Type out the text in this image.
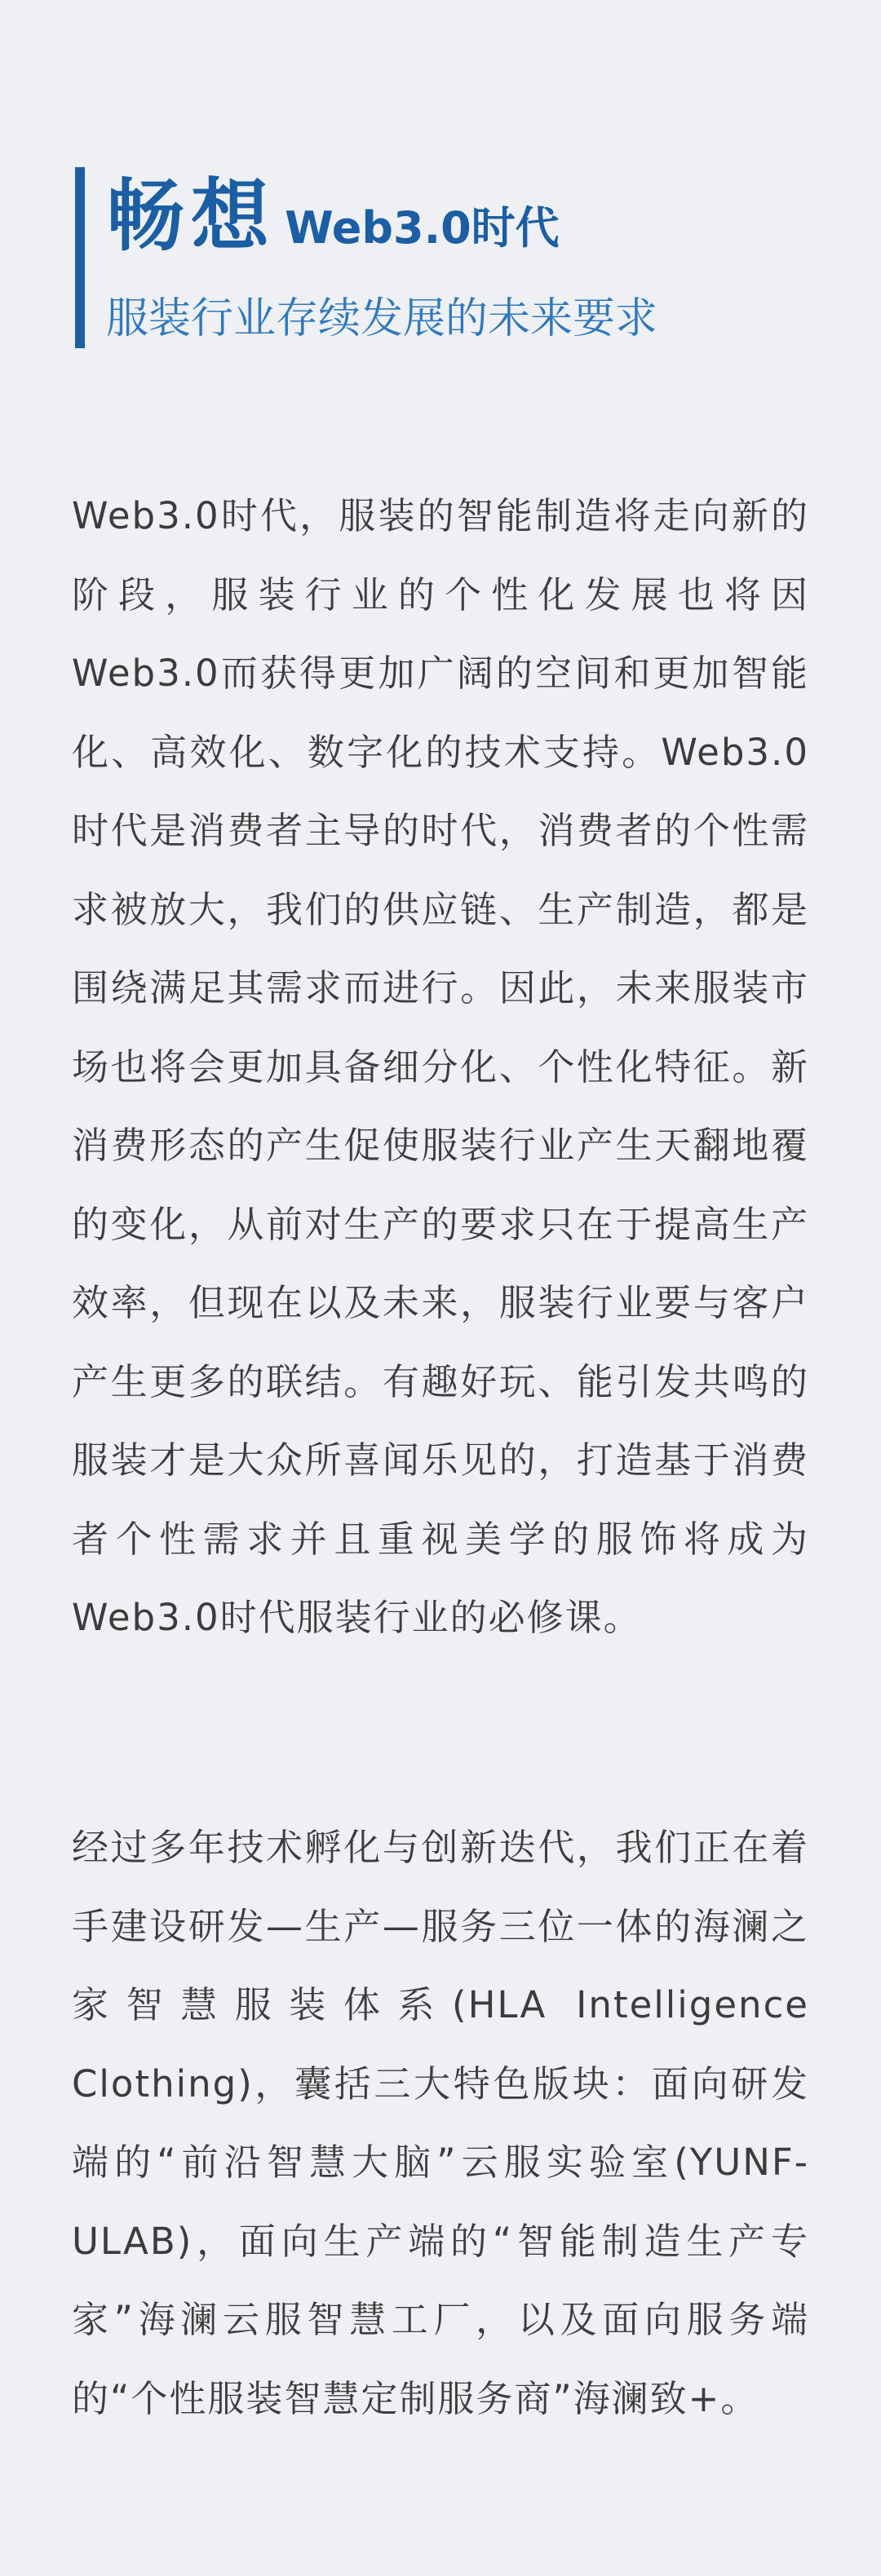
畅想 Web3.0时代
服装行业存续发展的未来要求

Web3.0时代，服装的智能制造将走向新的阶段，服装行业的个性化发展也将因Web3.0而获得更加广阔的空间和更加智能化、高效化、数字化的技术支持。Web3.0时代是消费者主导的时代，消费者的个性需求被放大，我们的供应链、生产制造，都是围绕满足其需求而进行。因此，未来服装市场也将会更加具备细分化、个性化特征。新消费形态的产生促使服装行业产生天翻地覆的变化，从前对生产的要求只在于提高生产效率，但现在以及未来，服装行业要与客户产生更多的联结。有趣好玩、能引发共鸣的服装才是大众所喜闻乐见的，打造基于消费者个性需求并且重视美学的服饰将成为Web3.0时代服装行业的必修课。

经过多年技术孵化与创新迭代，我们正在着手建设研发—生产—服务三位一体的海澜之家智慧服装体系(HLA Intelligence Clothing)，囊括三大特色版块：面向研发端的“前沿智慧大脑”云服实验室(YUNF-ULAB)，面向生产端的“智能制造生产专家”海澜云服智慧工厂，以及面向服务端的“个性服装智慧定制服务商”海澜致+。
